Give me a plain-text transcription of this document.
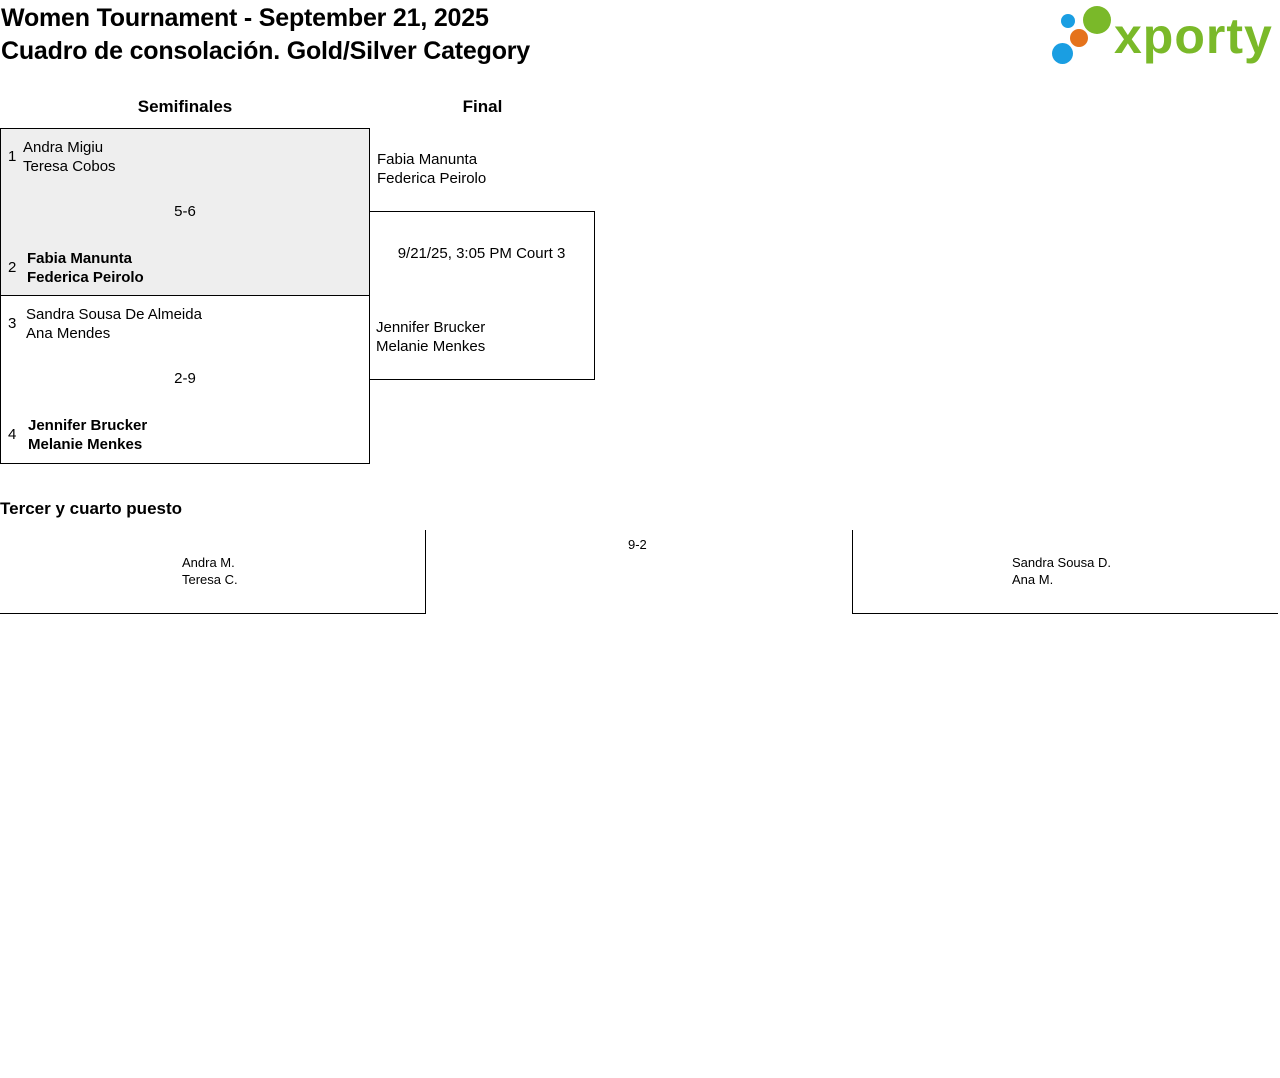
Women Tournament - September 21, 2025
Cuadro de consolación. Gold/Silver Category	xporty
Semifinales	Final
1
Andra Migiu
Teresa Cobos
5-6
2
Fabia Manunta
Federica Peirolo
3
Sandra Sousa De Almeida
Ana Mendes
2-9
4
Jennifer Brucker
Melanie Menkes
Fabia Manunta
Federica Peirolo
9/21/25, 3:05 PM Court 3
Jennifer Brucker
Melanie Menkes
Tercer y cuarto puesto
Andra M.
Teresa C.
9-2
Sandra Sousa D.
Ana M.
